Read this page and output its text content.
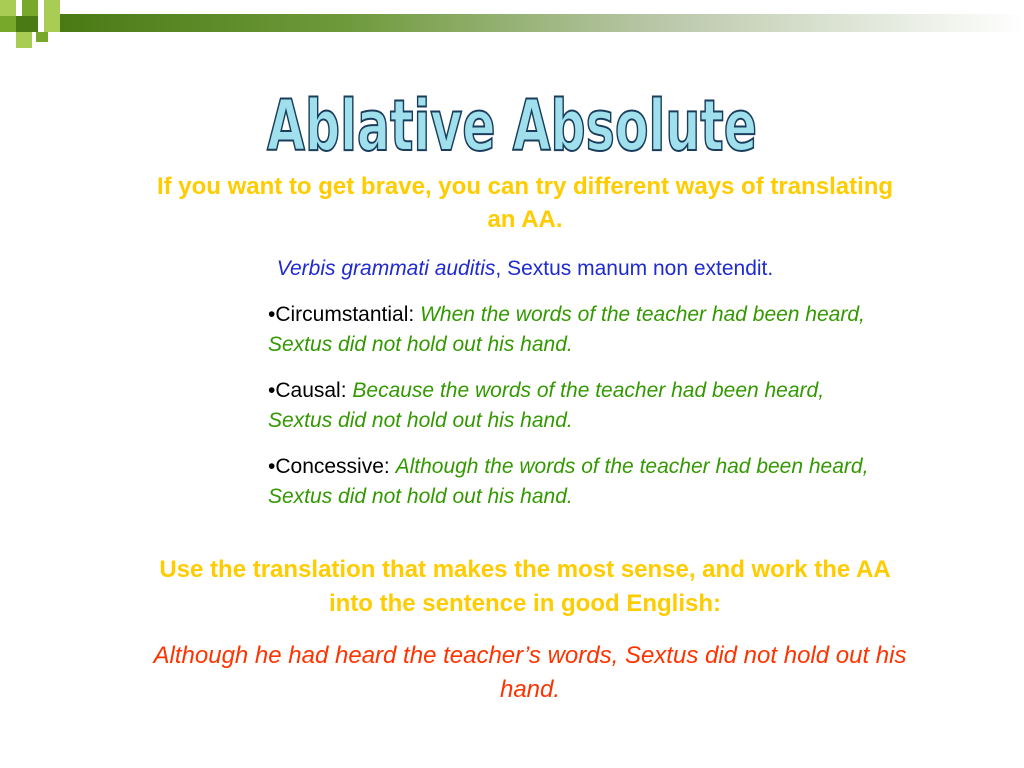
Ablative Absolute
If you want to get brave, you can try different ways of translating an AA.
Verbis grammati auditis, Sextus manum non extendit.
•Circumstantial: When the words of the teacher had been heard, Sextus did not hold out his hand.
•Causal: Because the words of the teacher had been heard, Sextus did not hold out his hand.
•Concessive: Although the words of the teacher had been heard, Sextus did not hold out his hand.
Use the translation that makes the most sense, and work the AA into the sentence in good English:
Although he had heard the teacher’s words, Sextus did not hold out his hand.
